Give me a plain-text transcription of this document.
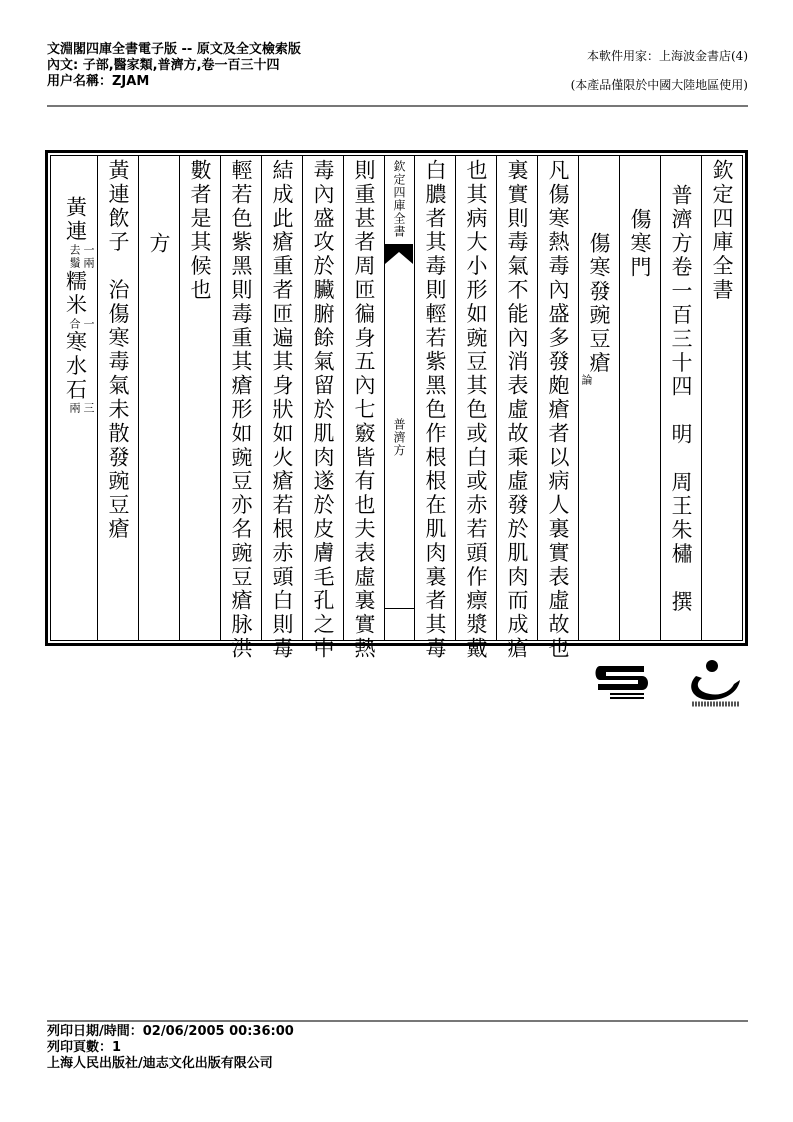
文淵閣四庫全書電子版 -- 原文及全文檢索版
內文: 子部,醫家類,普濟方,卷一百三十四
用户名稱：ZJAM
本軟件用家：上海波金書店(4)
(本產品僅限於中國大陸地區使用)
欽定四庫全書
普濟方卷一百三十四　明　周王朱橚　撰
傷寒門
傷寒發豌豆瘡
論
凡傷寒熱毒內盛多發皰瘡者以病人裏實表虛故也
裏實則毒氣不能內消表虛故乘虛發於肌肉而成瘡
也其病大小形如豌豆其色或白或赤若頭作瘭漿戴
白膿者其毒則輕若紫黑色作根根在肌肉裏者其毒
欽定四庫全書
普濟方
則重甚者周匝徧身五內七竅皆有也夫表虛裏實熱
毒內盛攻於臟腑餘氣留於肌肉遂於皮膚毛孔之中
結成此瘡重者匝遍其身狀如火瘡若根赤頭白則毒
輕若色紫黑則毒重其瘡形如豌豆亦名豌豆瘡脉洪
數者是其候也
方
黃連飲子　治傷寒毒氣未散發豌豆瘡
黃連
一兩
去鬚
糯米
一
合
寒水石
三
兩
列印日期/時間：02/06/2005 00:36:00
列印頁數：1
上海人民出版社/迪志文化出版有限公司
